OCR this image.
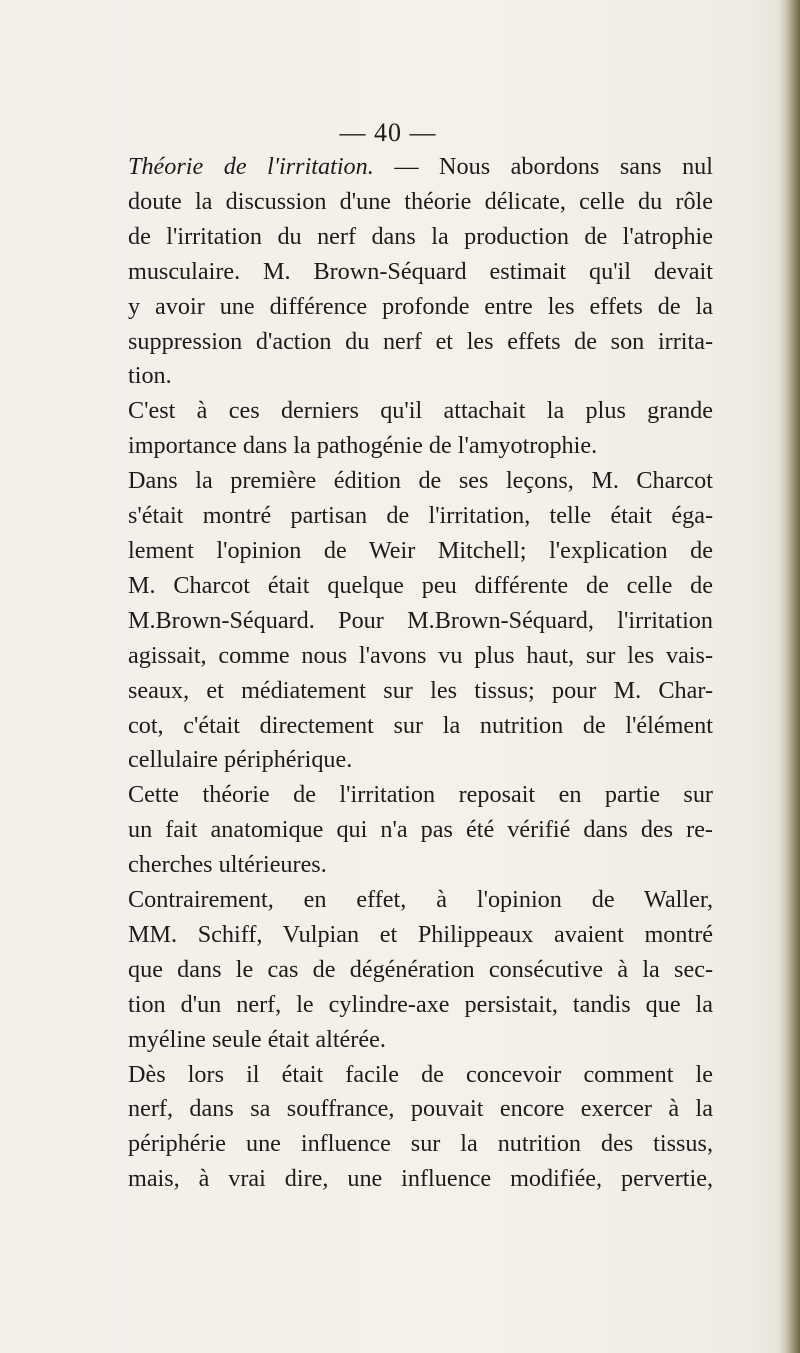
— 40 —

Théorie de l'irritation. — Nous abordons sans nul
doute la discussion d'une théorie délicate, celle du rôle
de l'irritation du nerf dans la production de l'atrophie
musculaire. M. Brown-Séquard estimait qu'il devait
y avoir une différence profonde entre les effets de la
suppression d'action du nerf et les effets de son irrita-
tion.

C'est à ces derniers qu'il attachait la plus grande
importance dans la pathogénie de l'amyotrophie.

Dans la première édition de ses leçons, M. Charcot
s'était montré partisan de l'irritation, telle était éga-
lement l'opinion de Weir Mitchell; l'explication de
M. Charcot était quelque peu différente de celle de
M.Brown-Séquard. Pour M.Brown-Séquard, l'irritation
agissait, comme nous l'avons vu plus haut, sur les vais-
seaux, et médiatement sur les tissus; pour M. Char-
cot, c'était directement sur la nutrition de l'élément
cellulaire périphérique.

Cette théorie de l'irritation reposait en partie sur
un fait anatomique qui n'a pas été vérifié dans des re-
cherches ultérieures.

Contrairement, en effet, à l'opinion de Waller,
MM. Schiff, Vulpian et Philippeaux avaient montré
que dans le cas de dégénération consécutive à la sec-
tion d'un nerf, le cylindre-axe persistait, tandis que la
myéline seule était altérée.

Dès lors il était facile de concevoir comment le
nerf, dans sa souffrance, pouvait encore exercer à la
périphérie une influence sur la nutrition des tissus,
mais, à vrai dire, une influence modifiée, pervertie,
